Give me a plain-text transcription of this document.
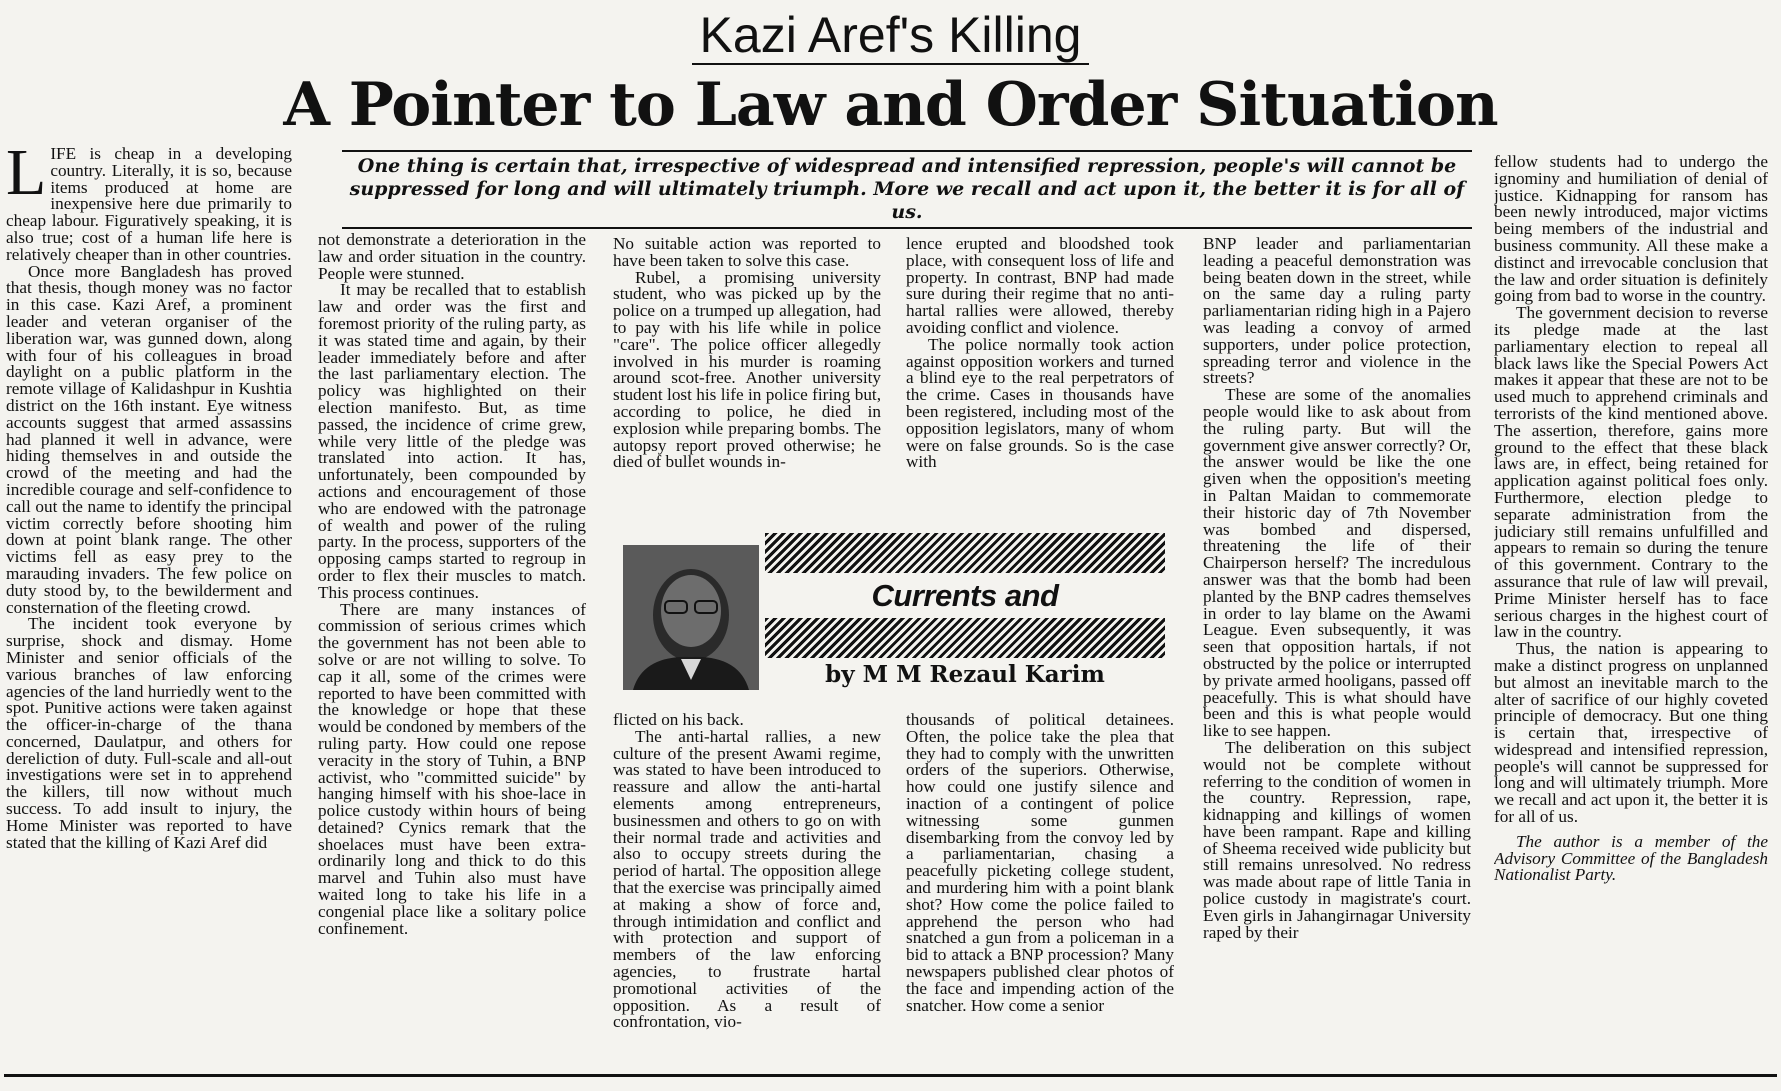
Kazi Aref's Killing
A Pointer to Law and Order Situation
One thing is certain that, irrespective of widespread and intensified repression, people's will cannot be suppressed for long and will ultimately triumph. More we recall and act upon it, the better it is for all of us.
L IFE is cheap in a developing country. Literally, it is so, because items produced at home are inexpensive here due primarily to cheap labour. Figuratively speaking, it is also true; cost of a human life here is relatively cheaper than in other countries.

Once more Bangladesh has proved that thesis, though money was no factor in this case. Kazi Aref, a prominent leader and veteran organiser of the liberation war, was gunned down, along with four of his colleagues in broad daylight on a public platform in the remote village of Kalidashpur in Kushtia district on the 16th instant. Eye witness accounts suggest that armed assassins had planned it well in advance, were hiding themselves in and outside the crowd of the meeting and had the incredible courage and self-confidence to call out the name to identify the principal victim correctly before shooting him down at point blank range. The other victims fell as easy prey to the marauding invaders. The few police on duty stood by, to the bewilderment and consternation of the fleeting crowd.

The incident took everyone by surprise, shock and dismay. Home Minister and senior officials of the various branches of law enforcing agencies of the land hurriedly went to the spot. Punitive actions were taken against the officer-in-charge of the thana concerned, Daulatpur, and others for dereliction of duty. Full-scale and all-out investigations were set in to apprehend the killers, till now without much success. To add insult to injury, the Home Minister was reported to have stated that the killing of Kazi Aref did

not demonstrate a deterioration in the law and order situation in the country. People were stunned.

It may be recalled that to establish law and order was the first and foremost priority of the ruling party, as it was stated time and again, by their leader immediately before and after the last parliamentary election. The policy was highlighted on their election manifesto. But, as time passed, the incidence of crime grew, while very little of the pledge was translated into action. It has, unfortunately, been compounded by actions and encouragement of those who are endowed with the patronage of wealth and power of the ruling party. In the process, supporters of the opposing camps started to regroup in order to flex their muscles to match. This process continues.

There are many instances of commission of serious crimes which the government has not been able to solve or are not willing to solve. To cap it all, some of the crimes were reported to have been committed with the knowledge or hope that these would be condoned by members of the ruling party. How could one repose veracity in the story of Tuhin, a BNP activist, who "committed suicide" by hanging himself with his shoe-lace in police custody within hours of being detained? Cynics remark that the shoelaces must have been extra-ordinarily long and thick to do this marvel and Tuhin also must have waited long to take his life in a congenial place like a solitary police confinement.

No suitable action was reported to have been taken to solve this case.

Rubel, a promising university student, who was picked up by the police on a trumped up allegation, had to pay with his life while in police "care". The police officer allegedly involved in his murder is roaming around scot-free. Another university student lost his life in police firing but, according to police, he died in explosion while preparing bombs. The autopsy report proved otherwise; he died of bullet wounds in-

lence erupted and bloodshed took place, with consequent loss of life and property. In contrast, BNP had made sure during their regime that no anti-hartal rallies were allowed, thereby avoiding conflict and violence.

The police normally took action against opposition workers and turned a blind eye to the real perpetrators of the crime. Cases in thousands have been registered, including most of the opposition legislators, many of whom were on false grounds. So is the case with

Currents and
by M M Rezaul Karim

flicted on his back.

The anti-hartal rallies, a new culture of the present Awami regime, was stated to have been introduced to reassure and allow the anti-hartal elements among entrepreneurs, businessmen and others to go on with their normal trade and activities and also to occupy streets during the period of hartal. The opposition allege that the exercise was principally aimed at making a show of force and, through intimidation and conflict and with protection and support of members of the law enforcing agencies, to frustrate hartal promotional activities of the opposition. As a result of confrontation, vio-

thousands of political detainees. Often, the police take the plea that they had to comply with the unwritten orders of the superiors. Otherwise, how could one justify silence and inaction of a contingent of police witnessing some gunmen disembarking from the convoy led by a parliamentarian, chasing a peacefully picketing college student, and murdering him with a point blank shot? How come the police failed to apprehend the person who had snatched a gun from a policeman in a bid to attack a BNP procession? Many newspapers published clear photos of the face and impending action of the snatcher. How come a senior

BNP leader and parliamentarian leading a peaceful demonstration was being beaten down in the street, while on the same day a ruling party parliamentarian riding high in a Pajero was leading a convoy of armed supporters, under police protection, spreading terror and violence in the streets?

These are some of the anomalies people would like to ask about from the ruling party. But will the government give answer correctly? Or, the answer would be like the one given when the opposition's meeting in Paltan Maidan to commemorate their historic day of 7th November was bombed and dispersed, threatening the life of their Chairperson herself? The incredulous answer was that the bomb had been planted by the BNP cadres themselves in order to lay blame on the Awami League. Even subsequently, it was seen that opposition hartals, if not obstructed by the police or interrupted by private armed hooligans, passed off peacefully. This is what should have been and this is what people would like to see happen.

The deliberation on this subject would not be complete without referring to the condition of women in the country. Repression, rape, kidnapping and killings of women have been rampant. Rape and killing of Sheema received wide publicity but still remains unresolved. No redress was made about rape of little Tania in police custody in magistrate's court. Even girls in Jahangirnagar University raped by their

fellow students had to undergo the ignominy and humiliation of denial of justice. Kidnapping for ransom has been newly introduced, major victims being members of the industrial and business community. All these make a distinct and irrevocable conclusion that the law and order situation is definitely going from bad to worse in the country.

The government decision to reverse its pledge made at the last parliamentary election to repeal all black laws like the Special Powers Act makes it appear that these are not to be used much to apprehend criminals and terrorists of the kind mentioned above. The assertion, therefore, gains more ground to the effect that these black laws are, in effect, being retained for application against political foes only. Furthermore, election pledge to separate administration from the judiciary still remains unfulfilled and appears to remain so during the tenure of this government. Contrary to the assurance that rule of law will prevail, Prime Minister herself has to face serious charges in the highest court of law in the country.

Thus, the nation is appearing to make a distinct progress on unplanned but almost an inevitable march to the alter of sacrifice of our highly coveted principle of democracy. But one thing is certain that, irrespective of widespread and intensified repression, people's will cannot be suppressed for long and will ultimately triumph. More we recall and act upon it, the better it is for all of us.

The author is a member of the Advisory Committee of the Bangladesh Nationalist Party.
